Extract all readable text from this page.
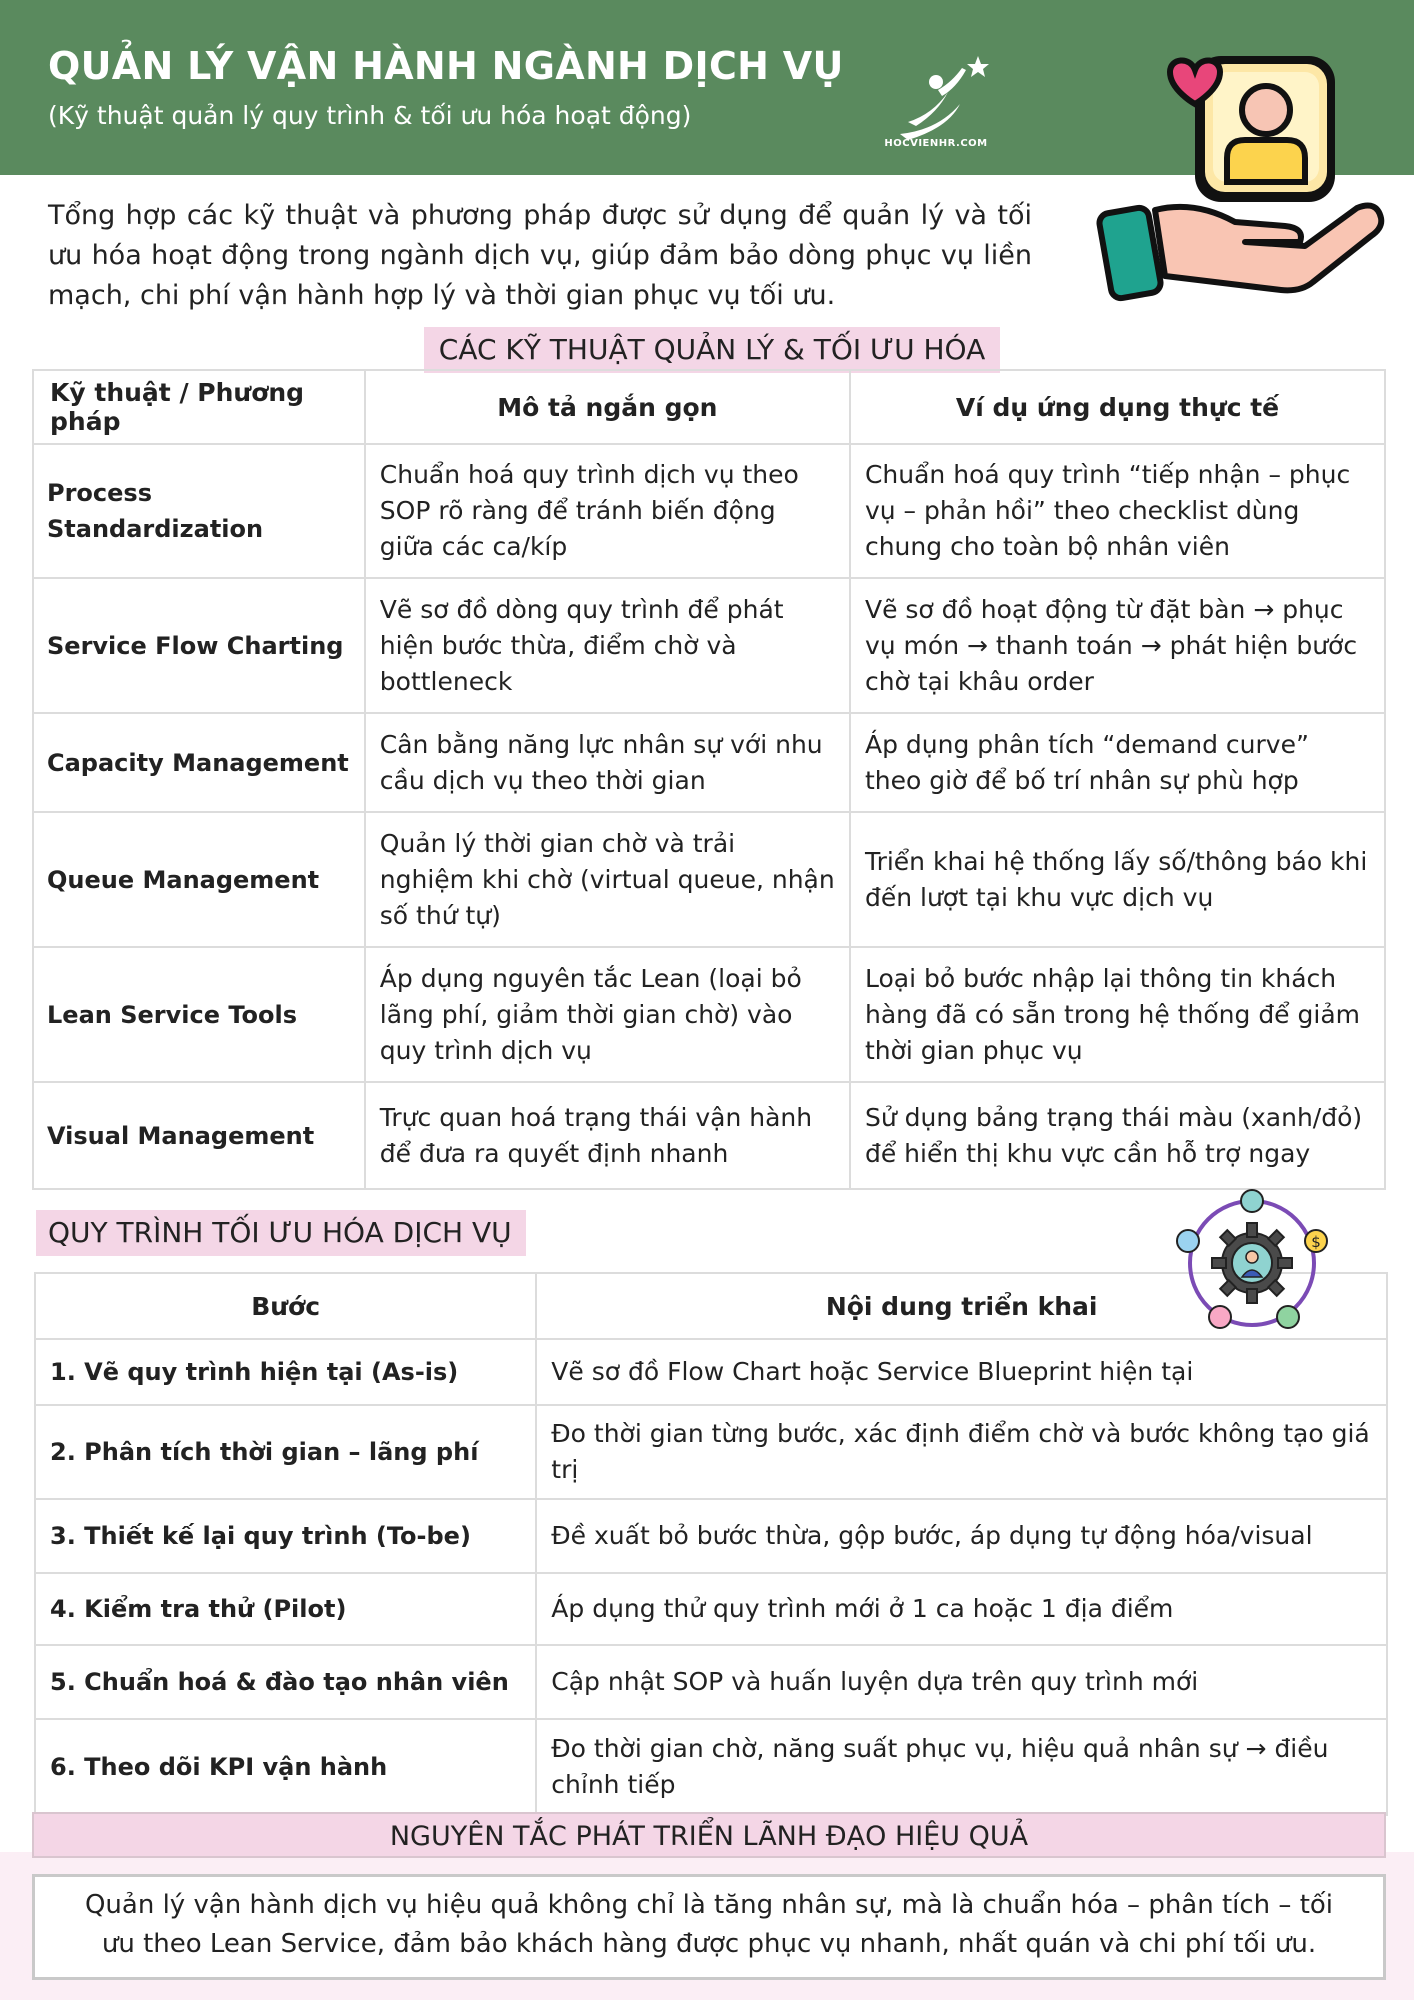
QUẢN LÝ VẬN HÀNH NGÀNH DỊCH VỤ
(Kỹ thuật quản lý quy trình & tối ưu hóa hoạt động)
HOCVIENHR.COM

Tổng hợp các kỹ thuật và phương pháp được sử dụng để quản lý và tối ưu hóa hoạt động trong ngành dịch vụ, giúp đảm bảo dòng phục vụ liền mạch, chi phí vận hành hợp lý và thời gian phục vụ tối ưu.

CÁC KỸ THUẬT QUẢN LÝ & TỐI ƯU HÓA
Kỹ thuật / Phương pháp	Mô tả ngắn gọn	Ví dụ ứng dụng thực tế
Process Standardization	Chuẩn hoá quy trình dịch vụ theo SOP rõ ràng để tránh biến động giữa các ca/kíp	Chuẩn hoá quy trình “tiếp nhận – phục vụ – phản hồi” theo checklist dùng chung cho toàn bộ nhân viên
Service Flow Charting	Vẽ sơ đồ dòng quy trình để phát hiện bước thừa, điểm chờ và bottleneck	Vẽ sơ đồ hoạt động từ đặt bàn → phục vụ món → thanh toán → phát hiện bước chờ tại khâu order
Capacity Management	Cân bằng năng lực nhân sự với nhu cầu dịch vụ theo thời gian	Áp dụng phân tích “demand curve” theo giờ để bố trí nhân sự phù hợp
Queue Management	Quản lý thời gian chờ và trải nghiệm khi chờ (virtual queue, nhận số thứ tự)	Triển khai hệ thống lấy số/thông báo khi đến lượt tại khu vực dịch vụ
Lean Service Tools	Áp dụng nguyên tắc Lean (loại bỏ lãng phí, giảm thời gian chờ) vào quy trình dịch vụ	Loại bỏ bước nhập lại thông tin khách hàng đã có sẵn trong hệ thống để giảm thời gian phục vụ
Visual Management	Trực quan hoá trạng thái vận hành để đưa ra quyết định nhanh	Sử dụng bảng trạng thái màu (xanh/đỏ) để hiển thị khu vực cần hỗ trợ ngay
QUY TRÌNH TỐI ƯU HÓA DỊCH VỤ
Bước	Nội dung triển khai
1. Vẽ quy trình hiện tại (As-is)	Vẽ sơ đồ Flow Chart hoặc Service Blueprint hiện tại
2. Phân tích thời gian – lãng phí	Đo thời gian từng bước, xác định điểm chờ và bước không tạo giá trị
3. Thiết kế lại quy trình (To-be)	Đề xuất bỏ bước thừa, gộp bước, áp dụng tự động hóa/visual
4. Kiểm tra thử (Pilot)	Áp dụng thử quy trình mới ở 1 ca hoặc 1 địa điểm
5. Chuẩn hoá & đào tạo nhân viên	Cập nhật SOP và huấn luyện dựa trên quy trình mới
6. Theo dõi KPI vận hành	Đo thời gian chờ, năng suất phục vụ, hiệu quả nhân sự → điều chỉnh tiếp
$
NGUYÊN TẮC PHÁT TRIỂN LÃNH ĐẠO HIỆU QUẢ
Quản lý vận hành dịch vụ hiệu quả không chỉ là tăng nhân sự, mà là chuẩn hóa – phân tích – tối ưu theo Lean Service, đảm bảo khách hàng được phục vụ nhanh, nhất quán và chi phí tối ưu.
